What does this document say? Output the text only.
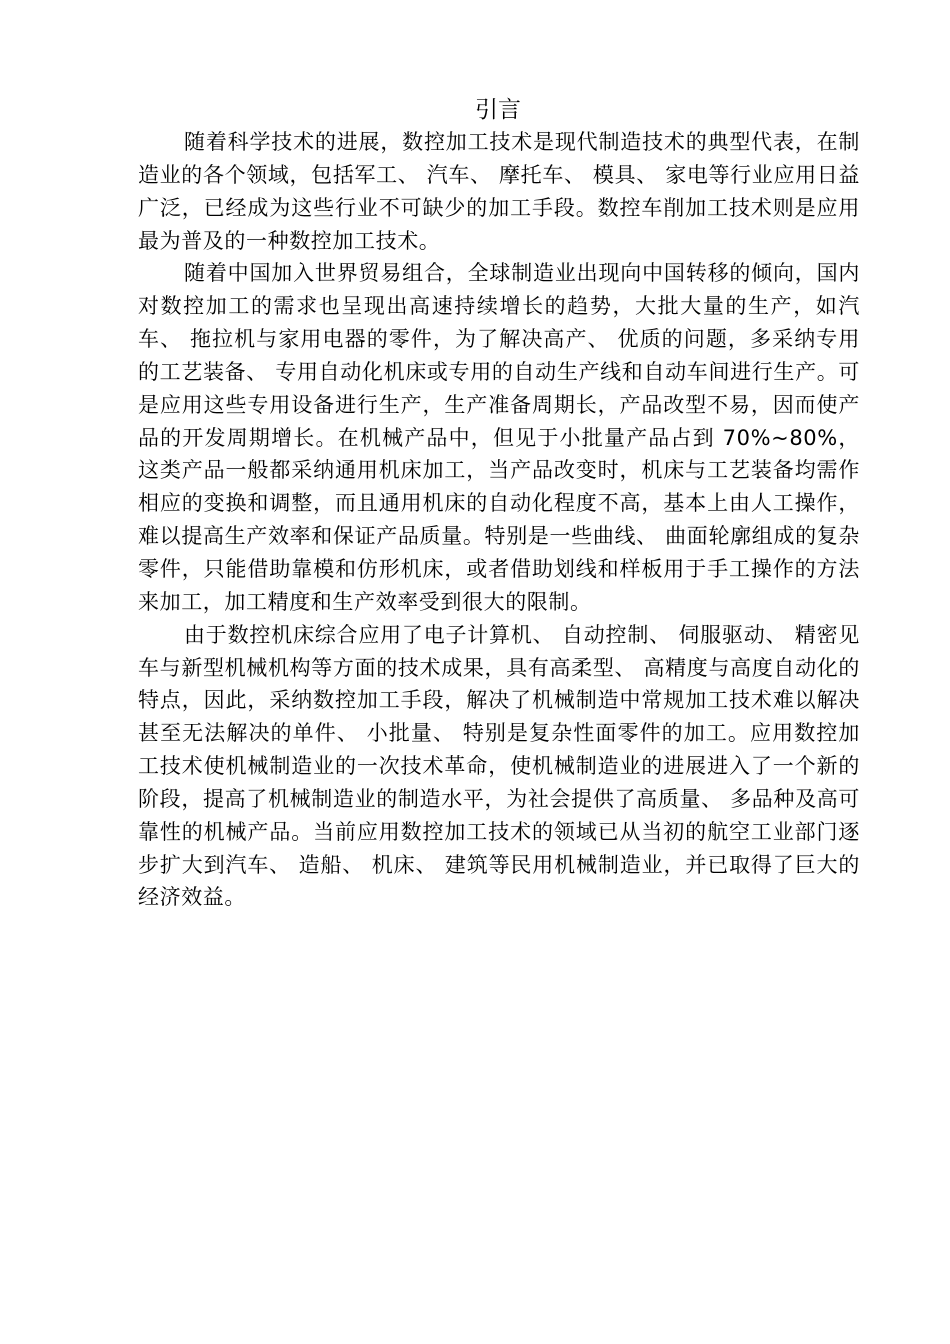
引言

随着科学技术的进展，数控加工技术是现代制造技术的典型代表，在制造业的各个领域，包括军工、 汽车、 摩托车、 模具、 家电等行业应用日益广泛，已经成为这些行业不可缺少的加工手段。数控车削加工技术则是应用最为普及的一种数控加工技术。

随着中国加入世界贸易组合，全球制造业出现向中国转移的倾向，国内对数控加工的需求也呈现出高速持续增长的趋势，大批大量的生产，如汽车、 拖拉机与家用电器的零件，为了解决高产、 优质的问题，多采纳专用的工艺装备、 专用自动化机床或专用的自动生产线和自动车间进行生产。可是应用这些专用设备进行生产，生产准备周期长，产品改型不易，因而使产品的开发周期增长。在机械产品中，但见于小批量产品占到 70%~80%，这类产品一般都采纳通用机床加工，当产品改变时，机床与工艺装备均需作相应的变换和调整，而且通用机床的自动化程度不高，基本上由人工操作，难以提高生产效率和保证产品质量。特别是一些曲线、 曲面轮廓组成的复杂零件，只能借助靠模和仿形机床，或者借助划线和样板用于手工操作的方法来加工，加工精度和生产效率受到很大的限制。

由于数控机床综合应用了电子计算机、 自动控制、 伺服驱动、 精密见车与新型机械机构等方面的技术成果，具有高柔型、 高精度与高度自动化的特点，因此，采纳数控加工手段，解决了机械制造中常规加工技术难以解决甚至无法解决的单件、 小批量、 特别是复杂性面零件的加工。应用数控加工技术使机械制造业的一次技术革命，使机械制造业的进展进入了一个新的阶段，提高了机械制造业的制造水平，为社会提供了高质量、 多品种及高可靠性的机械产品。当前应用数控加工技术的领域已从当初的航空工业部门逐步扩大到汽车、 造船、 机床、 建筑等民用机械制造业，并已取得了巨大的经济效益。
